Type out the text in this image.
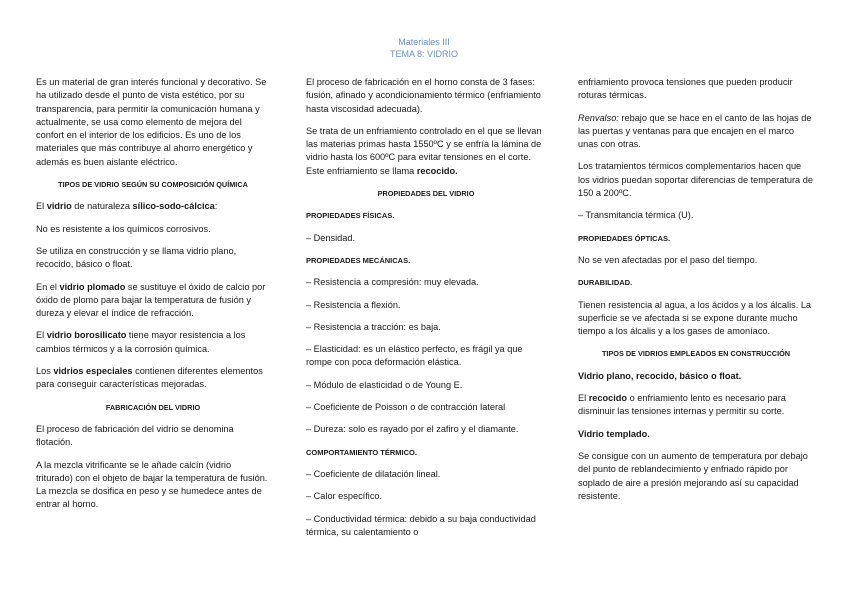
Materiales III
TEMA 8: VIDRIO

Es un material de gran interés funcional y decorativo. Se ha utilizado desde el punto de vista estético, por su transparencia, para permitir la comunicación humana y actualmente, se usa como elemento de mejora del confort en el interior de los edificios. Es uno de los materiales que más contribuye al ahorro energético y además es buen aislante eléctrico.

TIPOS DE VIDRIO SEGÚN SU COMPOSICIÓN QUÍMICA

El vidrio de naturaleza sílico-sodo-cálcica:

No es resistente a los químicos corrosivos.

Se utiliza en construcción y se llama vidrio plano, recocido, básico o float.

En el vidrio plomado se sustituye el óxido de calcio por óxido de plomo para bajar la temperatura de fusión y dureza y elevar el índice de refracción.

El vidrio borosilicato tiene mayor resistencia a los cambios térmicos y a la corrosión química.

Los vidrios especiales contienen diferentes elementos para conseguir características mejoradas.

FABRICACIÓN DEL VIDRIO

El proceso de fabricación del vidrio se denomina flotación.

A la mezcla vitrificante se le añade calcín (vidrio triturado) con el objeto de bajar la temperatura de fusión. La mezcla se dosifica en peso y se humedece antes de entrar al horno.

El proceso de fabricación en el horno consta de 3 fases: fusión, afinado y acondicionamiento térmico (enfriamiento hasta viscosidad adecuada).

Se trata de un enfriamiento controlado en el que se llevan las materias primas hasta 1550ºC y se enfría la lámina de vidrio hasta los 600ºC para evitar tensiones en el corte. Este enfriamiento se llama recocido.

PROPIEDADES DEL VIDRIO
PROPIEDADES FÍSICAS.

– Densidad.

PROPIEDADES MECÁNICAS.

– Resistencia a compresión: muy elevada.

– Resistencia a flexión.

– Resistencia a tracción: es baja.

– Elasticidad: es un elástico perfecto, es frágil ya que rompe con poca deformación elástica.

– Módulo de elasticidad o de Young E.

– Coeficiente de Poisson o de contracción lateral

– Dureza: solo es rayado por el zafiro y el diamante.

COMPORTAMIENTO TÉRMICO.

– Coeficiente de dilatación lineal.

– Calor específico.

– Conductividad térmica: debido a su baja conductividad térmica, su calentamiento o

enfriamiento provoca tensiones que pueden producir roturas térmicas.

Renvalso: rebajo que se hace en el canto de las hojas de las puertas y ventanas para que encajen en el marco unas con otras.

Los tratamientos térmicos complementarios hacen que los vidrios puedan soportar diferencias de temperatura de 150 a 200ºC.

– Transmitancia térmica (U).

PROPIEDADES ÓPTICAS.

No se ven afectadas por el paso del tiempo.

DURABILIDAD.

Tienen resistencia al agua, a los ácidos y a los álcalis. La superficie se ve afectada si se expone durante mucho tiempo a los álcalis y a los gases de amoníaco.

TIPOS DE VIDRIOS EMPLEADOS EN CONSTRUCCIÓN

Vidrio plano, recocido, básico o float.

El recocido o enfriamiento lento es necesario para disminuir las tensiones internas y permitir su corte.

Vidrio templado.

Se consigue con un aumento de temperatura por debajo del punto de reblandecimiento y enfriado rápido por soplado de aire a presión mejorando así su capacidad resistente.
